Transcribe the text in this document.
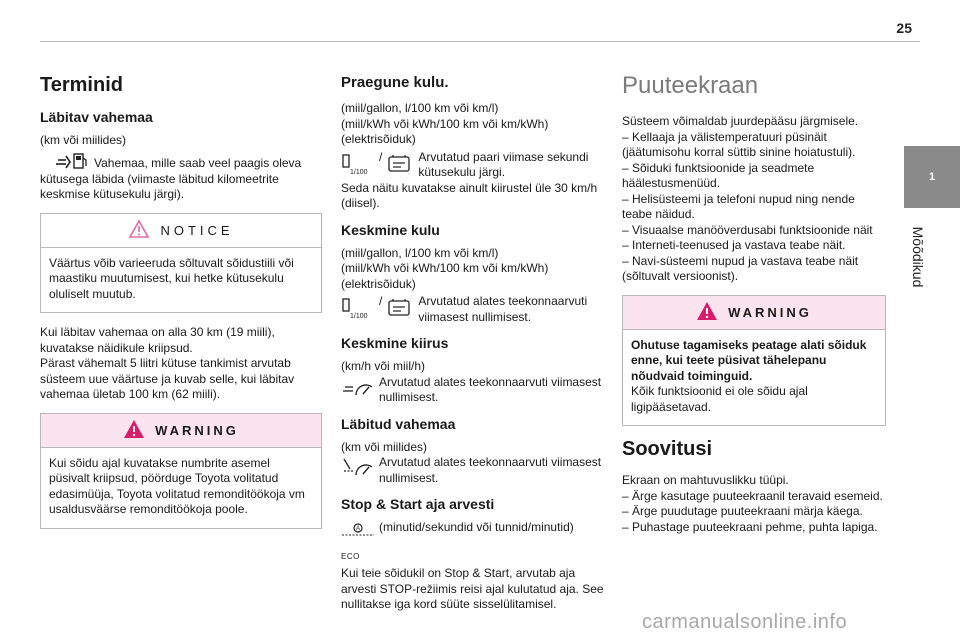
25
1
Mõõdikud
Terminid
Läbitav vahemaa
(km või miilides)
Vahemaa, mille saab veel paagis oleva kütusega läbida (viimaste läbitud kilomeetrite keskmise kütusekulu järgi).
NOTICE
Väärtus võib varieeruda sõltuvalt sõidustiili või maastiku muutumisest, kui hetke kütusekulu oluliselt muutub.
Kui läbitav vahemaa on alla 30 km (19 miili), kuvatakse näidikule kriipsud.
Pärast vähemalt 5 liitri kütuse tankimist arvutab süsteem uue väärtuse ja kuvab selle, kui läbitav vahemaa ületab 100 km (62 miili).
WARNING
Kui sõidu ajal kuvatakse numbrite asemel püsivalt kriipsud, pöörduge Toyota volitatud edasimüüja, Toyota volitatud remonditöökoja vm usaldusväärse remonditöökoja poole.
Praegune kulu.
(miil/gallon, l/100 km või km/l)
(miil/kWh või kWh/100 km või km/kWh) (elektrisõiduk)
1/100
/	Arvutatud paari viimase sekundi kütusekulu järgi.
Seda näitu kuvatakse ainult kiirustel üle 30 km/h (diisel).
Keskmine kulu
(miil/gallon, l/100 km või km/l)
(miil/kWh või kWh/100 km või km/kWh) (elektrisõiduk)
1/100
/	Arvutatud alates teekonnaarvuti viimasest nullimisest.
Keskmine kiirus
(km/h või miil/h)
Arvutatud alates teekonnaarvuti viimasest nullimisest.
Läbitud vahemaa
(km või miilides)
Arvutatud alates teekonnaarvuti viimasest nullimisest.
Stop & Start aja arvesti
A
ECO
(minutid/sekundid või tunnid/minutid)
Kui teie sõidukil on Stop & Start, arvutab aja arvesti STOP-režiimis reisi ajal kulutatud aja. See nullitakse iga kord süüte sisselülitamisel.
Puuteekraan
Süsteem võimaldab juurdepääsu järgmisele.
– Kellaaja ja välistemperatuuri püsinäit (jäätumisohu korral süttib sinine hoiatustuli).
– Sõiduki funktsioonide ja seadmete häälestusmenüüd.
– Helisüsteemi ja telefoni nupud ning nende teabe näidud.
– Visuaalse manööverdusabi funktsioonide näit
– Interneti-teenused ja vastava teabe näit.
– Navi-süsteemi nupud ja vastava teabe näit (sõltuvalt versioonist).
WARNING
Ohutuse tagamiseks peatage alati sõiduk enne, kui teete püsivat tähelepanu nõudvaid toiminguid.
Kõik funktsioonid ei ole sõidu ajal ligipääsetavad.
Soovitusi
Ekraan on mahtuvuslikku tüüpi.
– Ärge kasutage puuteekraanil teravaid esemeid.
– Ärge puudutage puuteekraani märja käega.
– Puhastage puuteekraani pehme, puhta lapiga.
carmanualsonline.info
